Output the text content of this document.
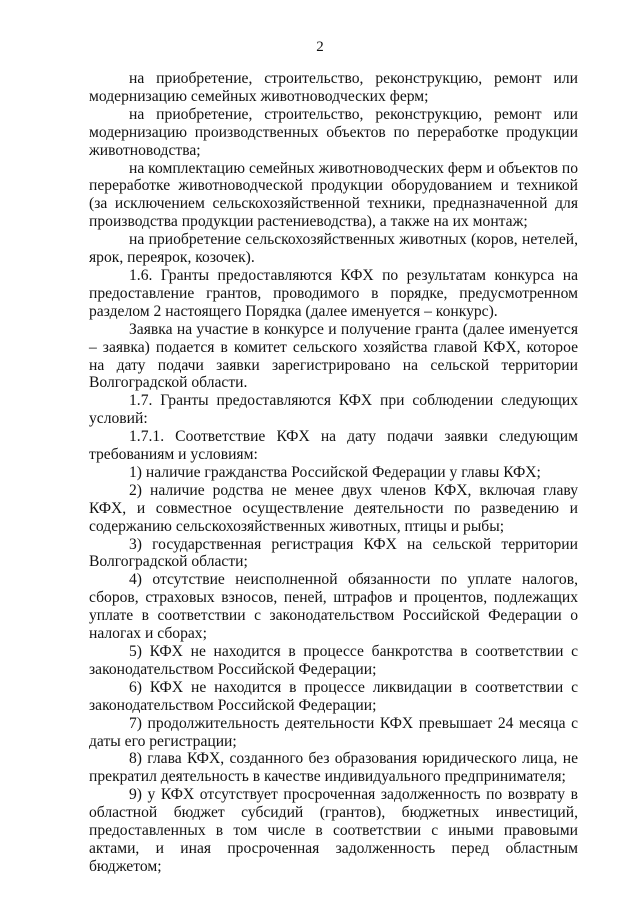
2

на приобретение, строительство, реконструкцию, ремонт или модернизацию семейных животноводческих ферм;

на приобретение, строительство, реконструкцию, ремонт или модернизацию производственных объектов по переработке продукции животноводства;

на комплектацию семейных животноводческих ферм и объектов по переработке животноводческой продукции оборудованием и техникой (за исключением сельскохозяйственной техники, предназначенной для производства продукции растениеводства), а также на их монтаж;

на приобретение сельскохозяйственных животных (коров, нетелей, ярок, переярок, козочек).

1.6. Гранты предоставляются КФХ по результатам конкурса на предоставление грантов, проводимого в порядке, предусмотренном разделом 2 настоящего Порядка (далее именуется – конкурс).

Заявка на участие в конкурсе и получение гранта (далее именуется – заявка) подается в комитет сельского хозяйства главой КФХ, которое на дату подачи заявки зарегистрировано на сельской территории Волгоградской области.

1.7. Гранты предоставляются КФХ при соблюдении следующих условий:

1.7.1. Соответствие КФХ на дату подачи заявки следующим требованиям и условиям:

1) наличие гражданства Российской Федерации у главы КФХ;

2) наличие родства не менее двух членов КФХ, включая главу КФХ, и совместное осуществление деятельности по разведению и содержанию сельскохозяйственных животных, птицы и рыбы;

3) государственная регистрация КФХ на сельской территории Волгоградской области;

4) отсутствие неисполненной обязанности по уплате налогов, сборов, страховых взносов, пеней, штрафов и процентов, подлежащих уплате в соответствии с законодательством Российской Федерации о налогах и сборах;

5) КФХ не находится в процессе банкротства в соответствии с законодательством Российской Федерации;

6) КФХ не находится в процессе ликвидации в соответствии с законодательством Российской Федерации;

7) продолжительность деятельности КФХ превышает 24 месяца с даты его регистрации;

8) глава КФХ, созданного без образования юридического лица, не прекратил деятельность в качестве индивидуального предпринимателя;

9) у КФХ отсутствует просроченная задолженность по возврату в областной бюджет субсидий (грантов), бюджетных инвестиций, предоставленных в том числе в соответствии с иными правовыми актами, и иная просроченная задолженность перед областным бюджетом;
